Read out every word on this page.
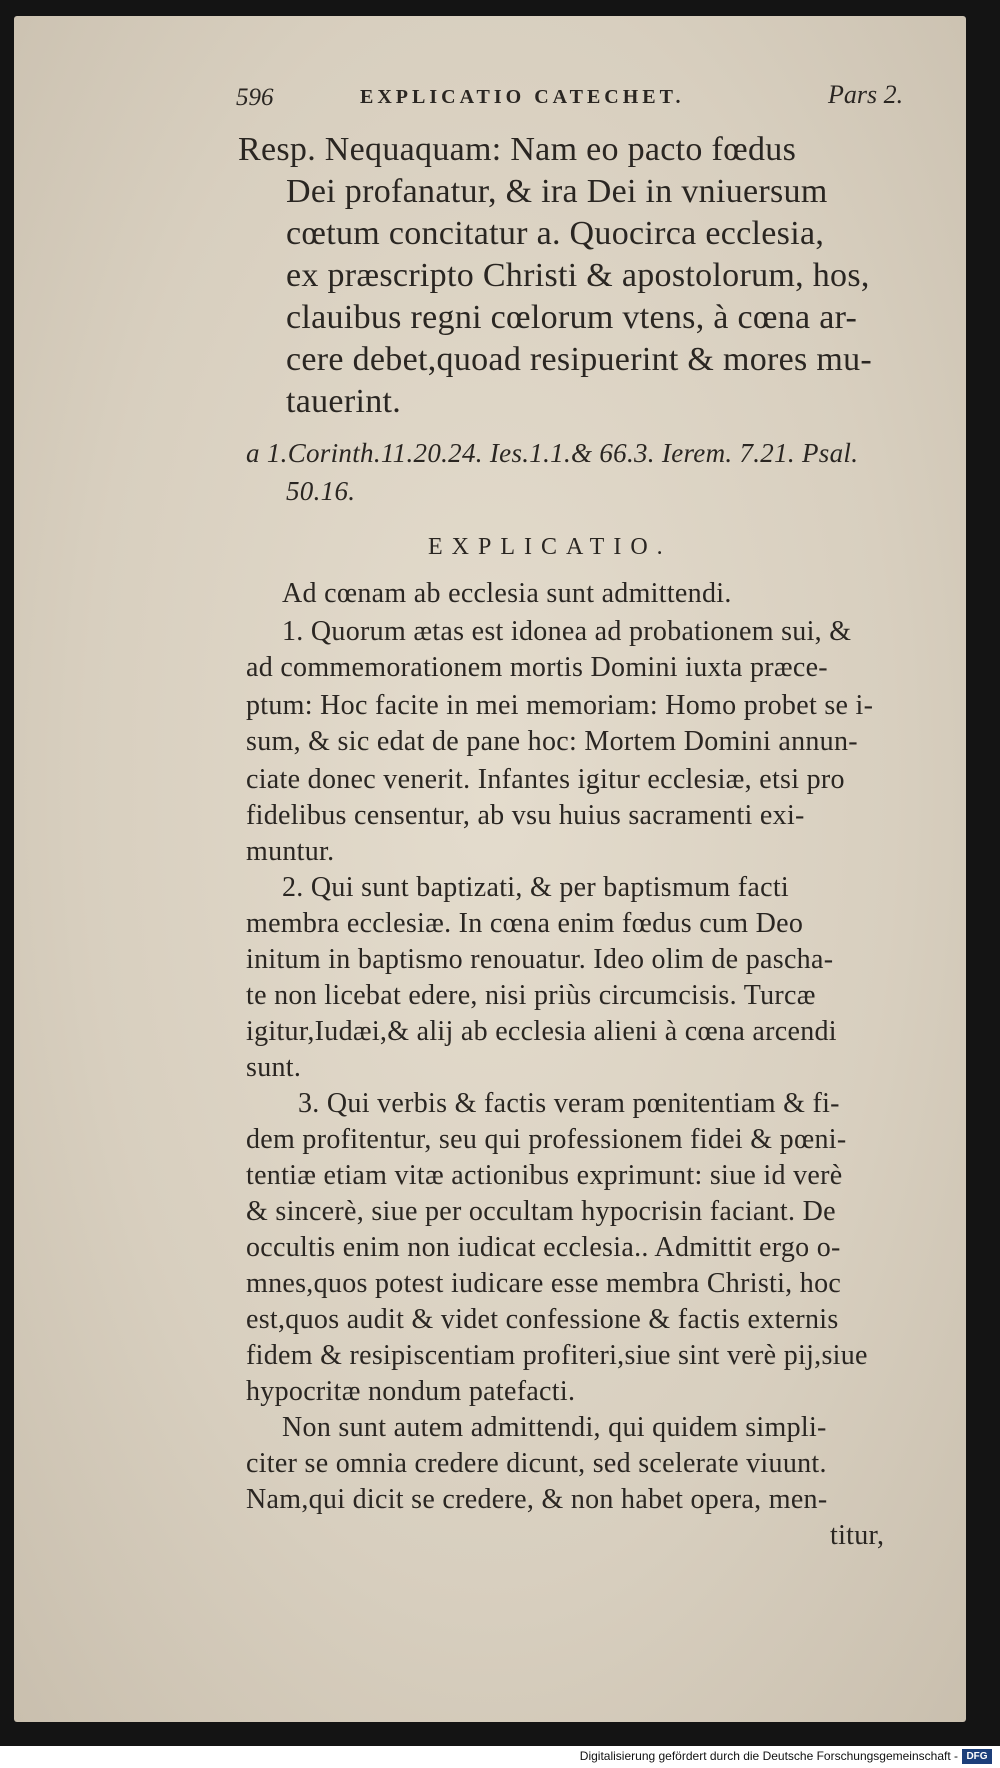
596	EXPLICATIO CATECHET.	Pars 2.
Resp. Nequaquam: Nam eo pacto fœdus
Dei profanatur, & ira Dei in vniuersum
cœtum concitatur a. Quocirca ecclesia,
ex præscripto Christi & apostolorum, hos,
clauibus regni cœlorum vtens, à cœna ar-
cere debet,quoad resipuerint & mores mu-
tauerint.
a 1.Corinth.11.20.24. Ies.1.1.& 66.3. Ierem. 7.21. Psal.
50.16.
EXPLICATIO.
Ad cœnam ab ecclesia sunt admittendi.
1. Quorum ætas est idonea ad probationem sui, &
ad commemorationem mortis Domini iuxta præce-
ptum: Hoc facite in mei memoriam: Homo probet se i-
sum, & sic edat de pane hoc: Mortem Domini annun-
ciate donec venerit. Infantes igitur ecclesiæ, etsi pro
fidelibus censentur, ab vsu huius sacramenti exi-
muntur.
2. Qui sunt baptizati, & per baptismum facti
membra ecclesiæ. In cœna enim fœdus cum Deo
initum in baptismo renouatur. Ideo olim de pascha-
te non licebat edere, nisi priùs circumcisis. Turcæ
igitur,Iudæi,& alij ab ecclesia alieni à cœna arcendi
sunt.
3. Qui verbis & factis veram pœnitentiam & fi-
dem profitentur, seu qui professionem fidei & pœni-
tentiæ etiam vitæ actionibus exprimunt: siue id verè
& sincerè, siue per occultam hypocrisin faciant. De
occultis enim non iudicat ecclesia.. Admittit ergo o-
mnes,quos potest iudicare esse membra Christi, hoc
est,quos audit & videt confessione & factis externis
fidem & resipiscentiam profiteri,siue sint verè pij,siue
hypocritæ nondum patefacti.
Non sunt autem admittendi, qui quidem simpli-
citer se omnia credere dicunt, sed scelerate viuunt.
Nam,qui dicit se credere, & non habet opera, men-
titur,
Digitalisierung gefördert durch die Deutsche Forschungsgemeinschaft - DFG
